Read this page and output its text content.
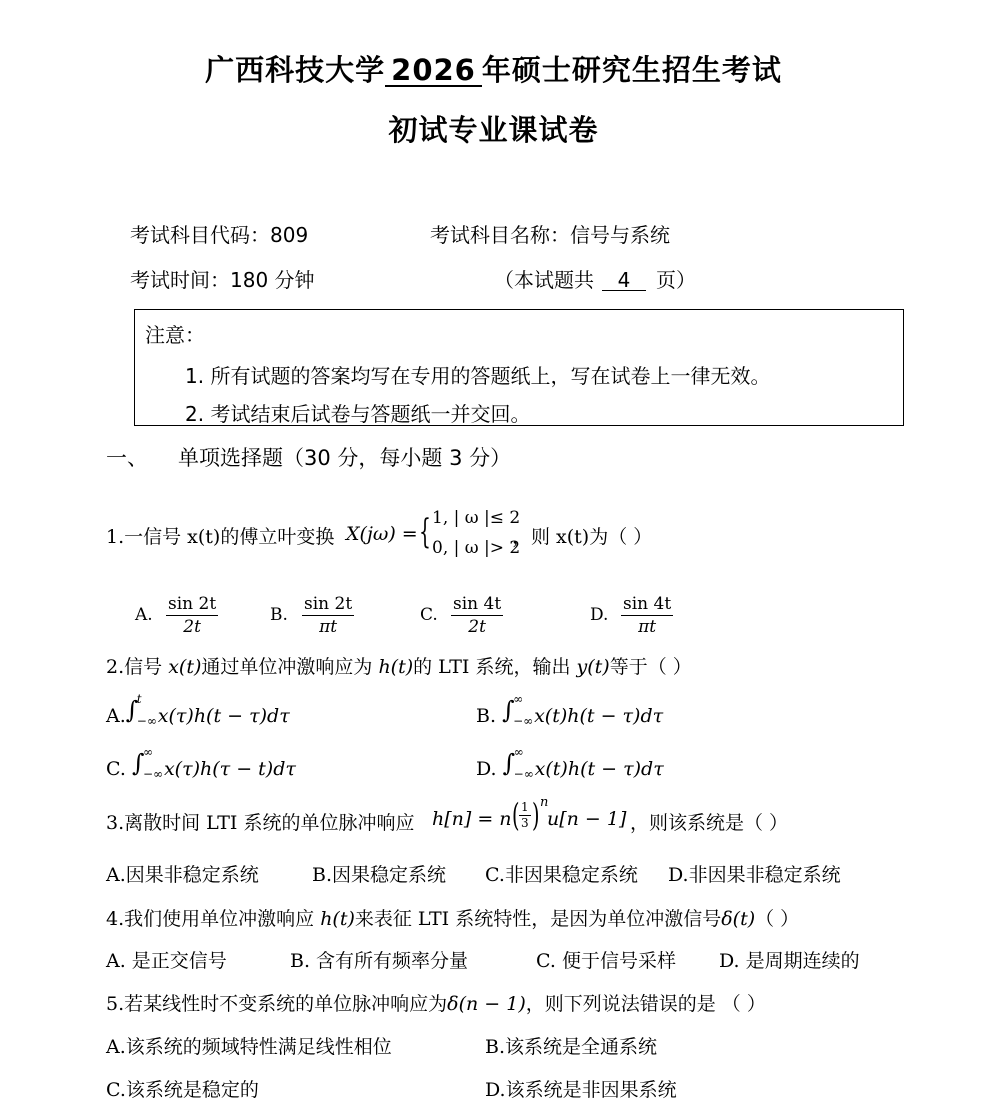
广西科技大学 2026 年硕士研究生招生考试
初试专业课试卷
考试科目代码：809	考试科目名称：信号与系统
考试时间：180 分钟	（本试题共 4 页）
注意：
1. 所有试题的答案均写在专用的答题纸上，写在试卷上一律无效。
2. 考试结束后试卷与答题纸一并交回。
一、 单项选择题（30 分，每小题 3 分）
1.一信号 x(t)的傅立叶变换 X(jω) = { 1, | ω |≤ 2
0, | ω |> 2
，则 x(t)为（ ）
A. $\frac{\sin 2t}{2t}$	B. $\frac{\sin 2t}{\pi t}$	C. $\frac{\sin 4t}{2t}$	D. $\frac{\sin 4t}{\pi t}$
2.信号 x(t)通过单位冲激响应为 h(t)的 LTI 系统，输出 y(t)等于（ ）
A. ∫
t
−∞ x(τ)h(t − τ)dτ	B. ∫
∞
−∞ x(t)h(t − τ)dτ
C. ∫
∞
−∞ x(τ)h(τ − t)dτ	D. ∫
∞
−∞ x(t)h(t − τ)dτ
3.离散时间 LTI 系统的单位脉冲响应 h[n] = n ( $\frac{1}{3}$ ) n
u[n − 1] ，则该系统是（ ）
A.因果非稳定系统	B.因果稳定系统 C.非因果稳定系统 D.非因果非稳定系统
4.我们使用单位冲激响应 h(t)来表征 LTI 系统特性，是因为单位冲激信号δ(t)（ ）
A. 是正交信号	B. 含有所有频率分量	C. 便于信号采样 D. 是周期连续的
5.若某线性时不变系统的单位脉冲响应为δ(n − 1)，则下列说法错误的是 （ ）
A.该系统的频域特性满足线性相位	B.该系统是全通系统
C.该系统是稳定的	D.该系统是非因果系统
